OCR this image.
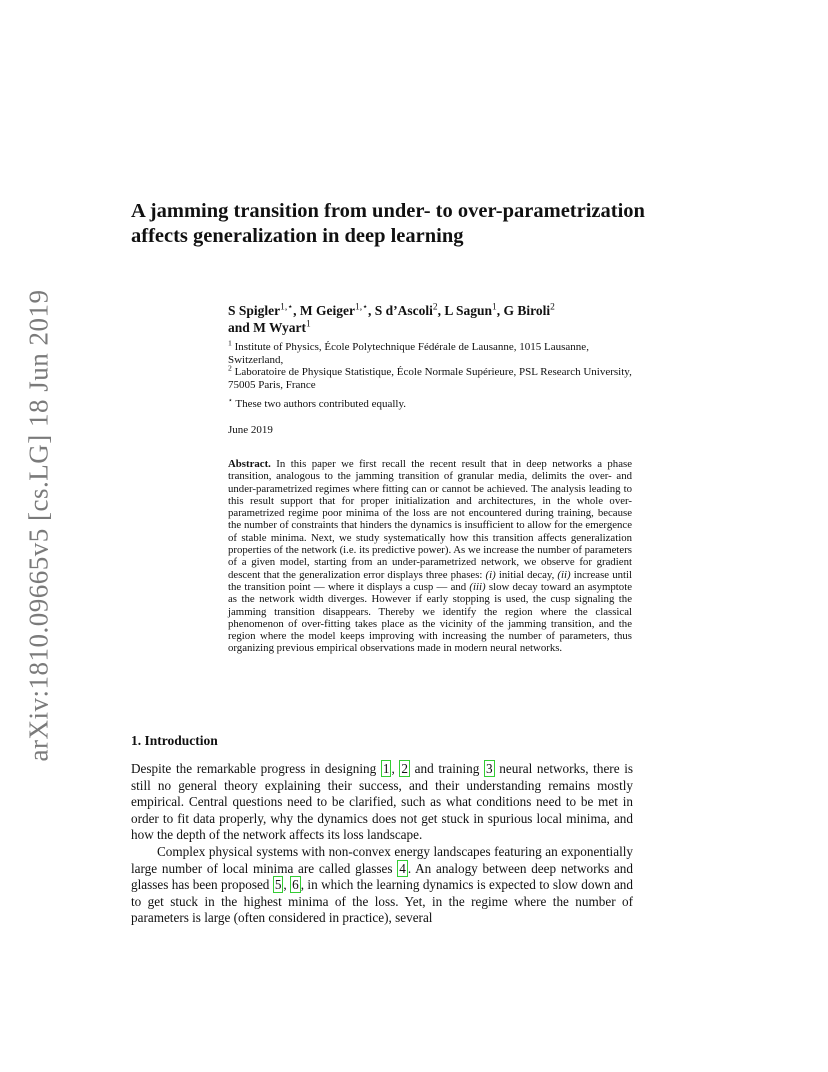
arXiv:1810.09665v5 [cs.LG] 18 Jun 2019
A jamming transition from under- to over-parametrization affects generalization in deep learning
S Spigler$^{1,⋆}$, M Geiger$^{1,⋆}$, S d’Ascoli$^2$, L Sagun$^1$, G Biroli$^2$
and M Wyart$^1$
$^1$ Institute of Physics, École Polytechnique Fédérale de Lausanne, 1015 Lausanne, Switzerland,
$^2$ Laboratoire de Physique Statistique, École Normale Supérieure, PSL Research University, 75005 Paris, France
⋆ These two authors contributed equally.
June 2019
Abstract. In this paper we first recall the recent result that in deep networks a phase transition, analogous to the jamming transition of granular media, delimits the over- and under-parametrized regimes where fitting can or cannot be achieved. The analysis leading to this result support that for proper initialization and architectures, in the whole over-parametrized regime poor minima of the loss are not encountered during training, because the number of constraints that hinders the dynamics is insufficient to allow for the emergence of stable minima. Next, we study systematically how this transition affects generalization properties of the network (i.e. its predictive power). As we increase the number of parameters of a given model, starting from an under-parametrized network, we observe for gradient descent that the generalization error displays three phases: (i) initial decay, (ii) increase until the transition point — where it displays a cusp — and (iii) slow decay toward an asymptote as the network width diverges. However if early stopping is used, the cusp signaling the jamming transition disappears. Thereby we identify the region where the classical phenomenon of over-fitting takes place as the vicinity of the jamming transition, and the region where the model keeps improving with increasing the number of parameters, thus organizing previous empirical observations made in modern neural networks.
1. Introduction

Despite the remarkable progress in designing 1 , 2 and training 3 neural networks, there is still no general theory explaining their success, and their understanding remains mostly empirical. Central questions need to be clarified, such as what conditions need to be met in order to fit data properly, why the dynamics does not get stuck in spurious local minima, and how the depth of the network affects its loss landscape.

Complex physical systems with non-convex energy landscapes featuring an exponentially large number of local minima are called glasses 4 . An analogy between deep networks and glasses has been proposed 5 , 6 , in which the learning dynamics is expected to slow down and to get stuck in the highest minima of the loss. Yet, in the regime where the number of parameters is large (often considered in practice), several
